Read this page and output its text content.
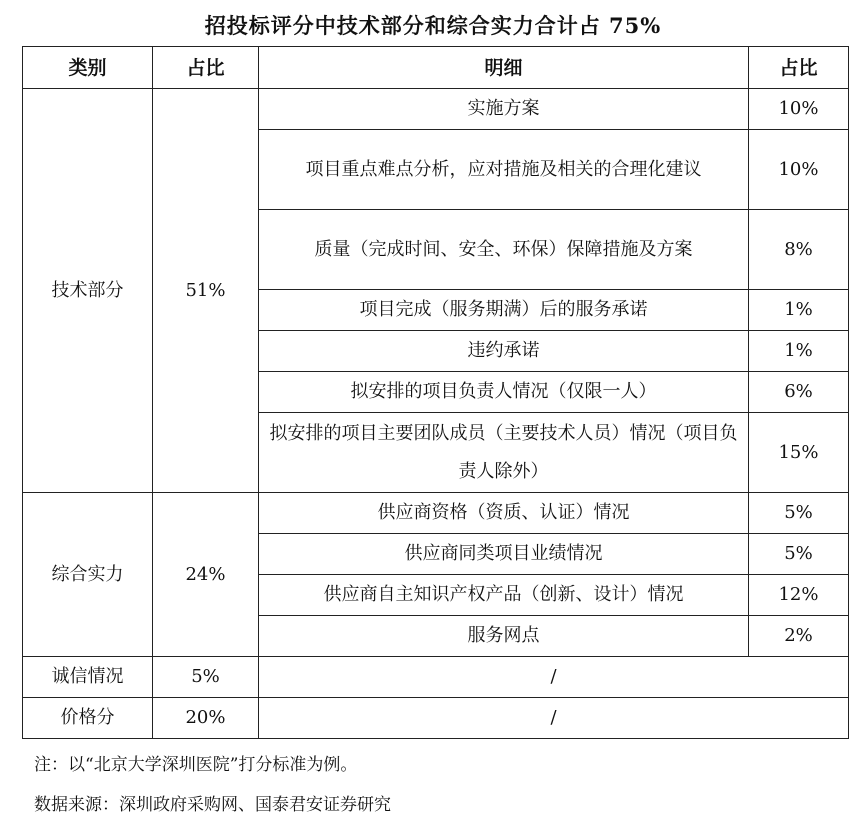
招投标评分中技术部分和综合实力合计占 75%
类别	占比	明细	占比
技术部分	51%	实施方案	10%
		项目重点难点分析，应对措施及相关的合理化建议	10%
		质量（完成时间、安全、环保）保障措施及方案	8%
		项目完成（服务期满）后的服务承诺	1%
		违约承诺	1%
		拟安排的项目负责人情况（仅限一人）	6%
		拟安排的项目主要团队成员（主要技术人员）情况（项目负责人除外）	15%
综合实力	24%	供应商资格（资质、认证）情况	5%
		供应商同类项目业绩情况	5%
		供应商自主知识产权产品（创新、设计）情况	12%
		服务网点	2%
诚信情况	5%	/	
价格分	20%	/	
注：以“北京大学深圳医院”打分标准为例。
数据来源：深圳政府采购网、国泰君安证券研究
